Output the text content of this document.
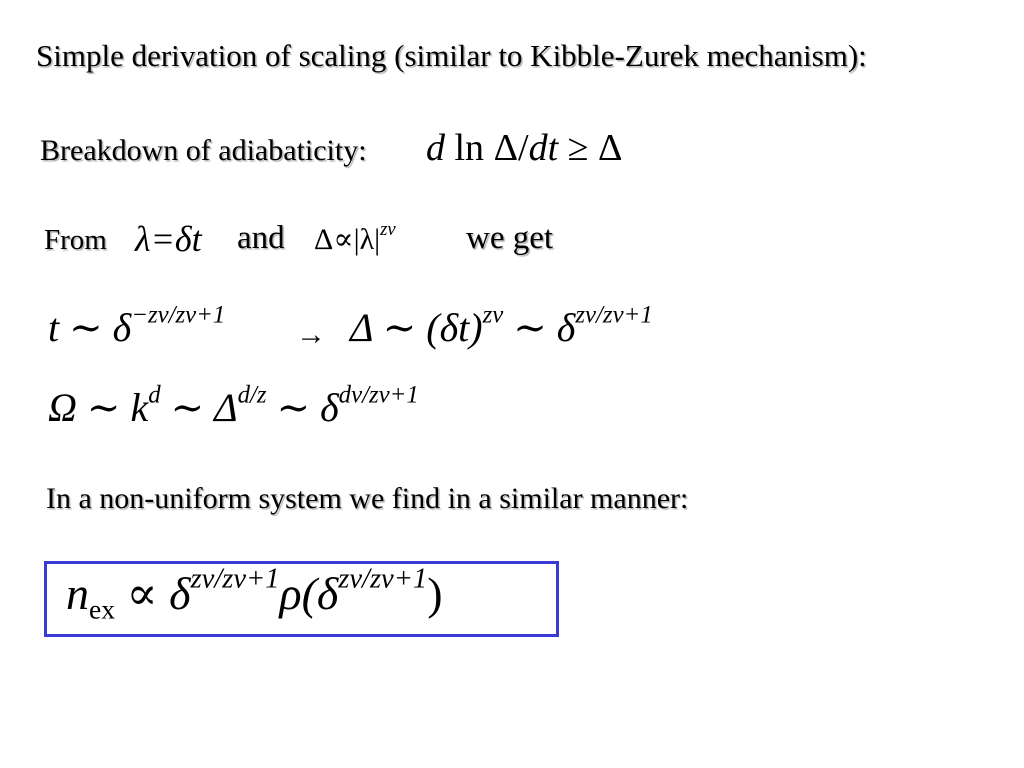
Simple derivation of scaling (similar to Kibble-Zurek mechanism):
Breakdown of adiabaticity: d ln Δ/dt ≥ Δ
From λ=δt and $\Delta\propto|\lambda|^{z\nu}$ we get
t ∼ $\delta^{-z\nu/z\nu+1}$
→ Δ ∼ $(\delta t)^{z\nu}$ ∼ $\delta^{z\nu/z\nu+1}$
Ω ∼ $k^d$ ∼ $\Delta^{d/z}$ ∼ $\delta^{d\nu/z\nu+1}$
In a non-uniform system we find in a similar manner:
$n_{ex} \propto \delta^{z\nu/z\nu+1}\rho(\delta^{z\nu/z\nu+1})$
